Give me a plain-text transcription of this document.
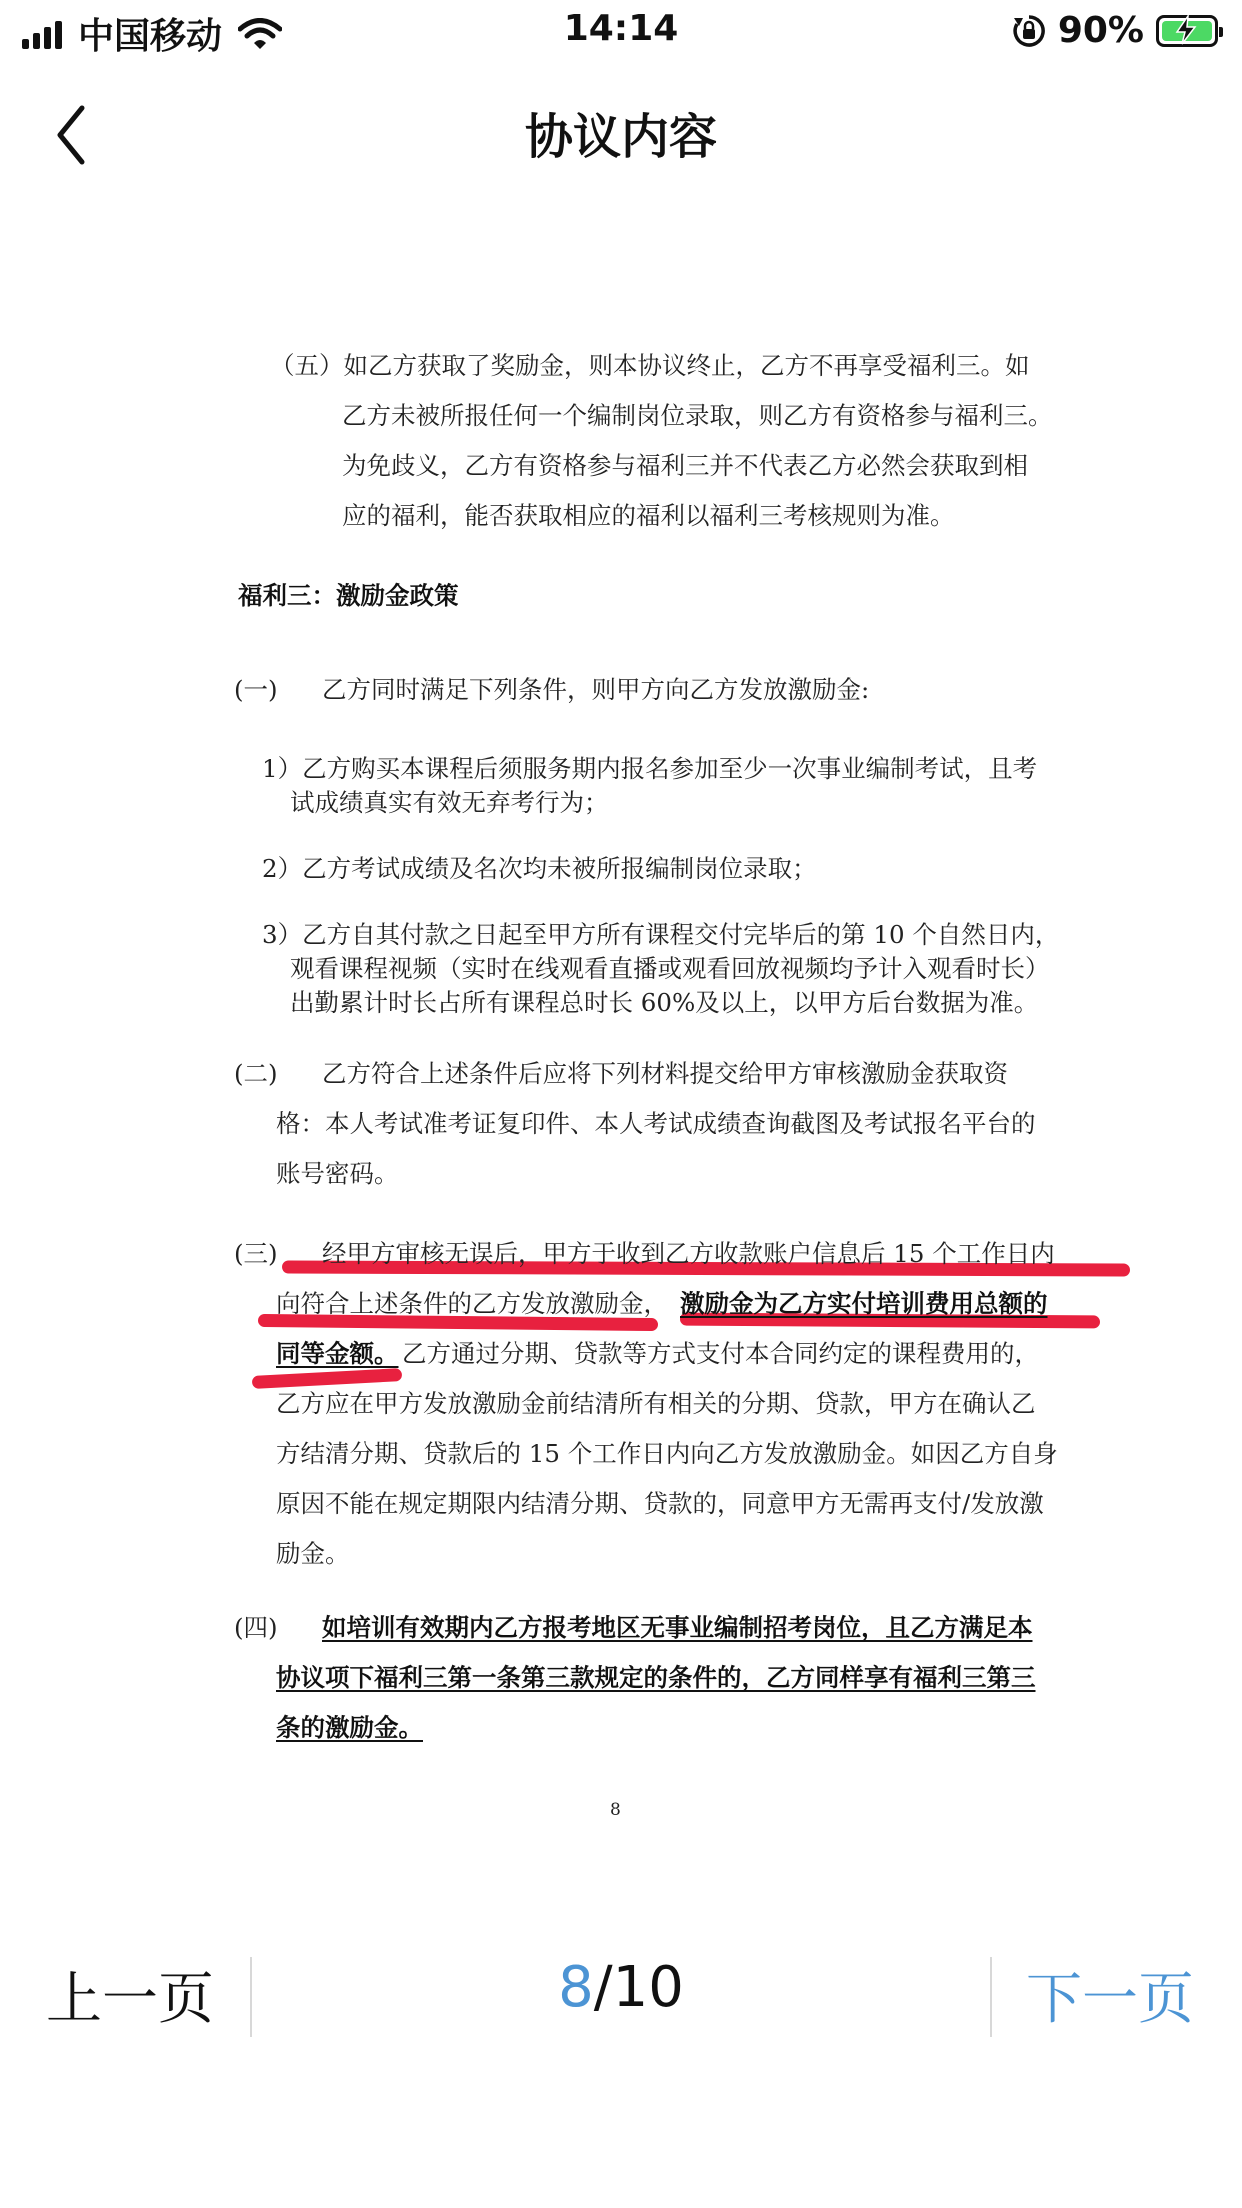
中国移动	14:14	90%
协议内容
（五）如乙方获取了奖励金，则本协议终止，乙方不再享受福利三。如
乙方未被所报任何一个编制岗位录取，则乙方有资格参与福利三。
为免歧义，乙方有资格参与福利三并不代表乙方必然会获取到相
应的福利，能否获取相应的福利以福利三考核规则为准。
福利三：激励金政策
(一) 乙方同时满足下列条件，则甲方向乙方发放激励金:
1）乙方购买本课程后须服务期内报名参加至少一次事业编制考试，且考
试成绩真实有效无弃考行为；
2）乙方考试成绩及名次均未被所报编制岗位录取；
3）乙方自其付款之日起至甲方所有课程交付完毕后的第 10 个自然日内，
观看课程视频（实时在线观看直播或观看回放视频均予计入观看时长）
出勤累计时长占所有课程总时长 60%及以上，以甲方后台数据为准。
(二) 乙方符合上述条件后应将下列材料提交给甲方审核激励金获取资
格：本人考试准考证复印件、本人考试成绩查询截图及考试报名平台的
账号密码。
(三) 经甲方审核无误后，甲方于收到乙方收款账户信息后 15 个工作日内
向符合上述条件的乙方发放激励金， 激励金为乙方实付培训费用总额的
同等金额。 乙方通过分期、贷款等方式支付本合同约定的课程费用的，
乙方应在甲方发放激励金前结清所有相关的分期、贷款，甲方在确认乙
方结清分期、贷款后的 15 个工作日内向乙方发放激励金。如因乙方自身
原因不能在规定期限内结清分期、贷款的，同意甲方无需再支付/发放激
励金。
(四) 如培训有效期内乙方报考地区无事业编制招考岗位，且乙方满足本
协议项下福利三第一条第三款规定的条件的，乙方同样享有福利三第三
条的激励金。
8
上一页	8/10	下一页
